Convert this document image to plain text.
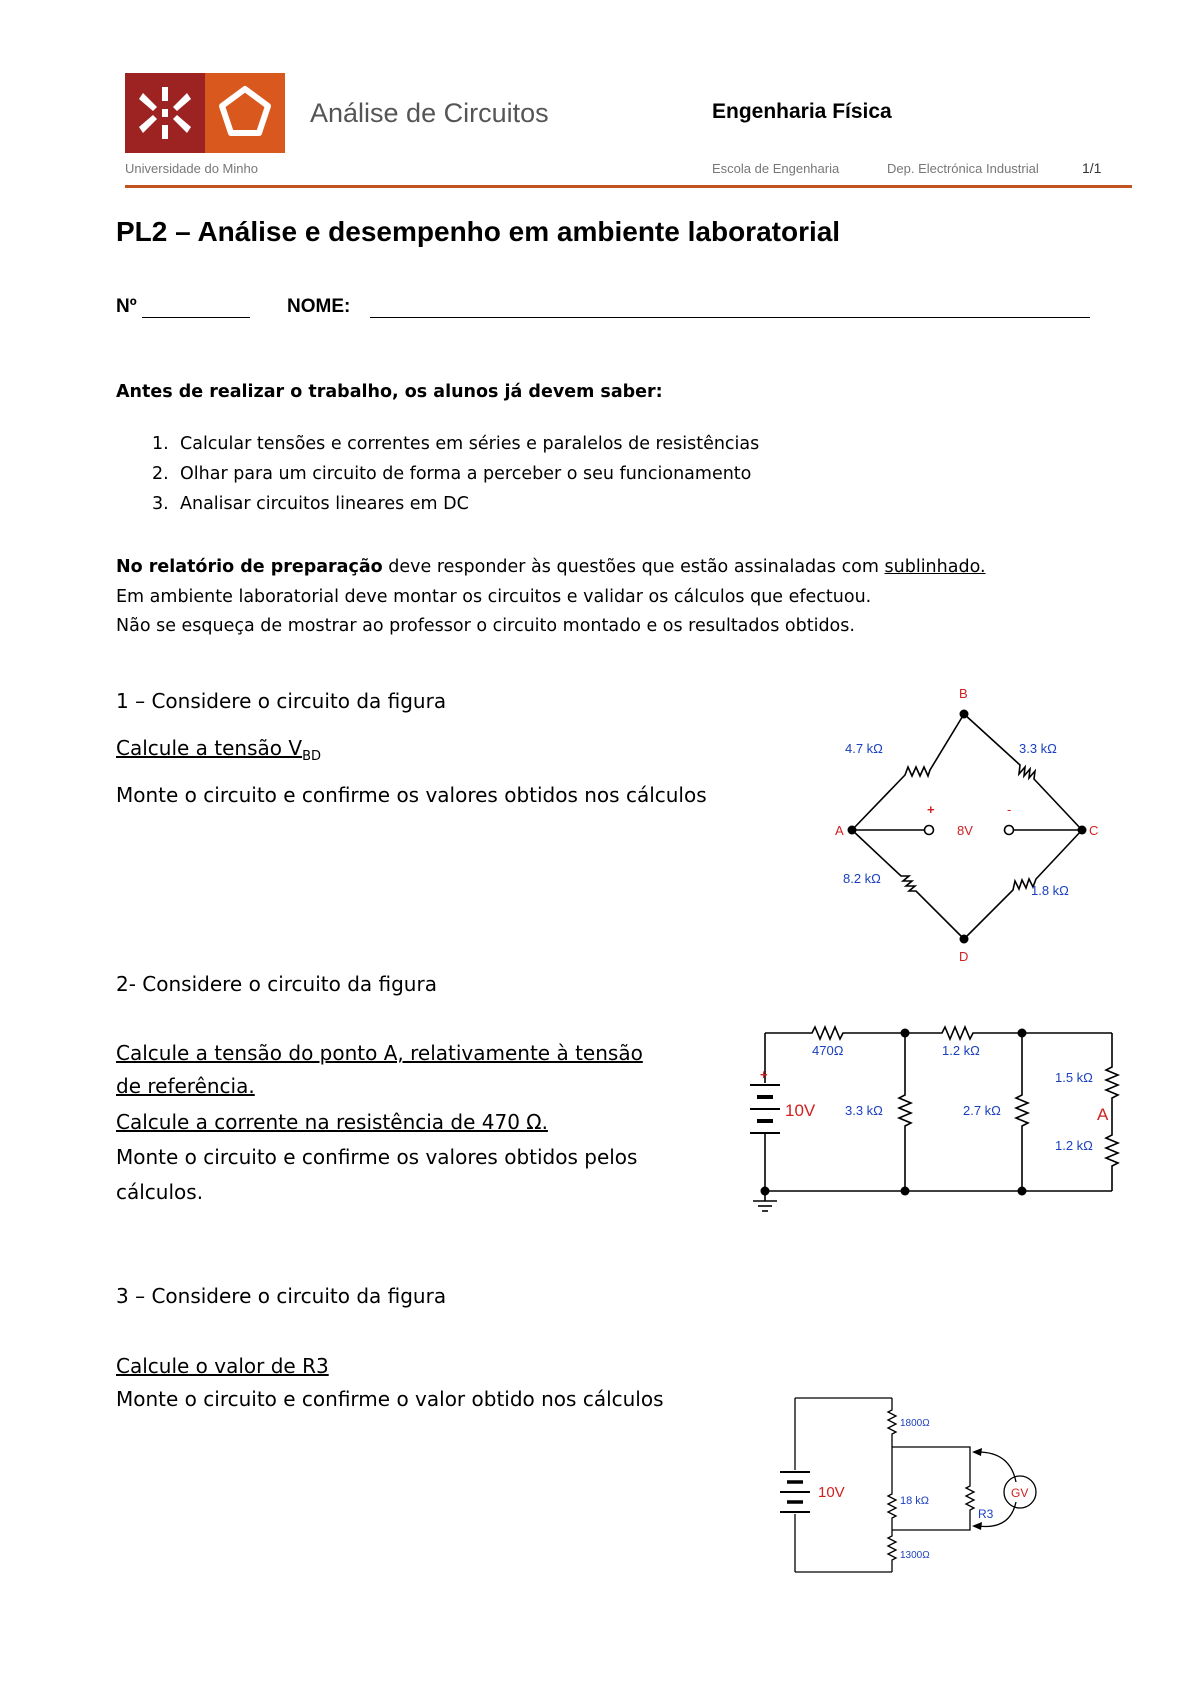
Análise de Circuitos	Engenharia Física
Universidade do Minho	Escola de Engenharia	Dep. Electrónica Industrial	1/1
PL2 – Análise e desempenho em ambiente laboratorial
Nº	NOME:
Antes de realizar o trabalho, os alunos já devem saber:
1. Calcular tensões e correntes em séries e paralelos de resistências
2. Olhar para um circuito de forma a perceber o seu funcionamento
3. Analisar circuitos lineares em DC
No relatório de preparação deve responder às questões que estão assinaladas com sublinhado.
Em ambiente laboratorial deve montar os circuitos e validar os cálculos que efectuou.
Não se esqueça de mostrar ao professor o circuito montado e os resultados obtidos.
1 – Considere o circuito da figura
Calcule a tensão $V_{BD}$
Monte o circuito e confirme os valores obtidos nos cálculos
B
A	C
D
+
8V
-
4.7 kΩ	3.3 kΩ
8.2 kΩ
1.8 kΩ
2- Considere o circuito da figura
Calcule a tensão do ponto A, relativamente à tensão
de referência.
Calcule a corrente na resistência de 470 Ω.
Monte o circuito e confirme os valores obtidos pelos
cálculos.
+
10V	A
470Ω	1.2 kΩ
3.3 kΩ	2.7 kΩ
1.5 kΩ
1.2 kΩ
3 – Considere o circuito da figura
Calcule o valor de R3
Monte o circuito e confirme o valor obtido nos cálculos
10V	GV
1800Ω
18 kΩ
R3
1300Ω
